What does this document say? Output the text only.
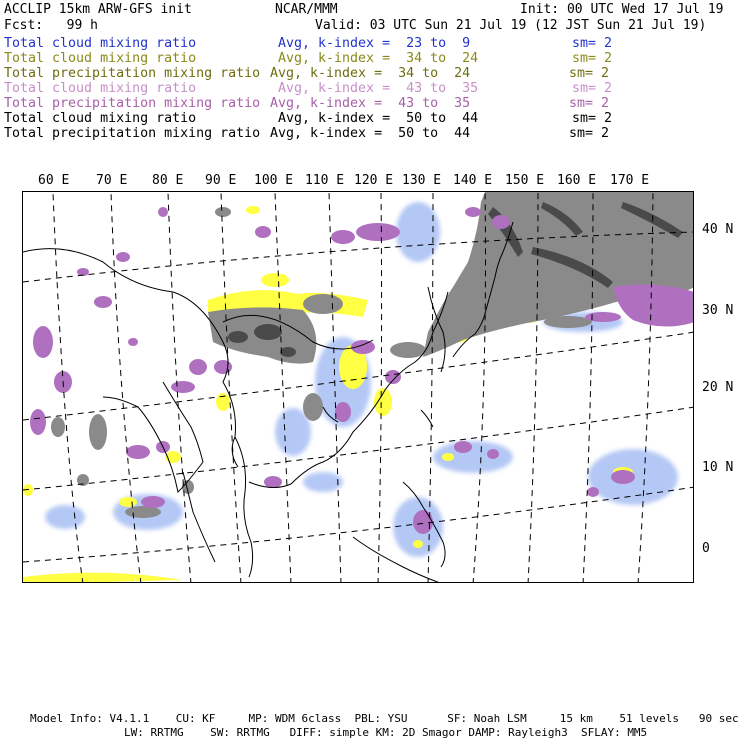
ACCLIP 15km ARW-GFS init	NCAR/MMM	Init: 00 UTC Wed 17 Jul 19
Fcst:   99 h	Valid: 03 UTC Sun 21 Jul 19 (12 JST Sun 21 Jul 19)
Total cloud mixing ratio	Avg, k-index =  23 to  9	sm= 2
Total cloud mixing ratio	Avg, k-index =  34 to  24	sm= 2
Total precipitation mixing ratio Avg, k-index =  34 to  24	sm= 2
Total cloud mixing ratio	Avg, k-index =  43 to  35	sm= 2
Total precipitation mixing ratio Avg, k-index =  43 to  35	sm= 2
Total cloud mixing ratio	Avg, k-index =  50 to  44	sm= 2
Total precipitation mixing ratio Avg, k-index =  50 to  44	sm= 2
60 E 70 E 80 E 90 E 100 E 110 E 120 E 130 E 140 E 150 E 160 E 170 E
40 N
30 N
20 N
10 N
0
Model Info: V4.1.1    CU: KF     MP: WDM 6class  PBL: YSU      SF: Noah LSM     15 km    51 levels   90 sec
LW: RRTMG    SW: RRTMG   DIFF: simple KM: 2D Smagor DAMP: Rayleigh3  SFLAY: MM5
